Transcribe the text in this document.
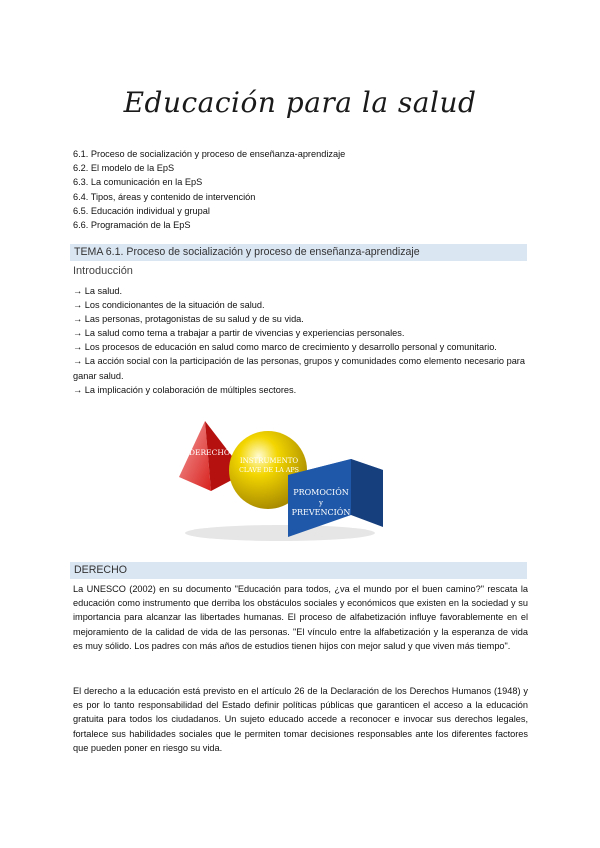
Educación para la salud
6.1. Proceso de socialización y proceso de enseñanza-aprendizaje
6.2. El modelo de la EpS
6.3. La comunicación en la EpS
6.4. Tipos, áreas y contenido de intervención
6.5. Educación individual y grupal
6.6. Programación de la EpS
TEMA 6.1. Proceso de socialización y proceso de enseñanza-aprendizaje
Introducción
→ La salud.
→ Los condicionantes de la situación de salud.
→ Las personas, protagonistas de su salud y de su vida.
→ La salud como tema a trabajar a partir de vivencias y experiencias personales.
→ Los procesos de educación en salud como marco de crecimiento y desarrollo personal y comunitario.
→ La acción social con la participación de las personas, grupos y comunidades como elemento necesario para ganar salud.
→ La implicación y colaboración de múltiples sectores.
DERECHO
INSTRUMENTO
CLAVE DE LA APS
PROMOCIÓN
y
PREVENCIÓN
DERECHO
La UNESCO (2002) en su documento "Educación para todos, ¿va el mundo por el buen camino?" rescata la educación como instrumento que derriba los obstáculos sociales y económicos que existen en la sociedad y su importancia para alcanzar las libertades humanas. El proceso de alfabetización influye favorablemente en el mejoramiento de la calidad de vida de las personas. "El vínculo entre la alfabetización y la esperanza de vida es muy sólido. Los padres con más años de estudios tienen hijos con mejor salud y que viven más tiempo".
El derecho a la educación está previsto en el artículo 26 de la Declaración de los Derechos Humanos (1948) y es por lo tanto responsabilidad del Estado definir políticas públicas que garanticen el acceso a la educación gratuita para todos los ciudadanos. Un sujeto educado accede a reconocer e invocar sus derechos legales, fortalece sus habilidades sociales que le permiten tomar decisiones responsables ante los diferentes factores que pueden poner en riesgo su vida.
